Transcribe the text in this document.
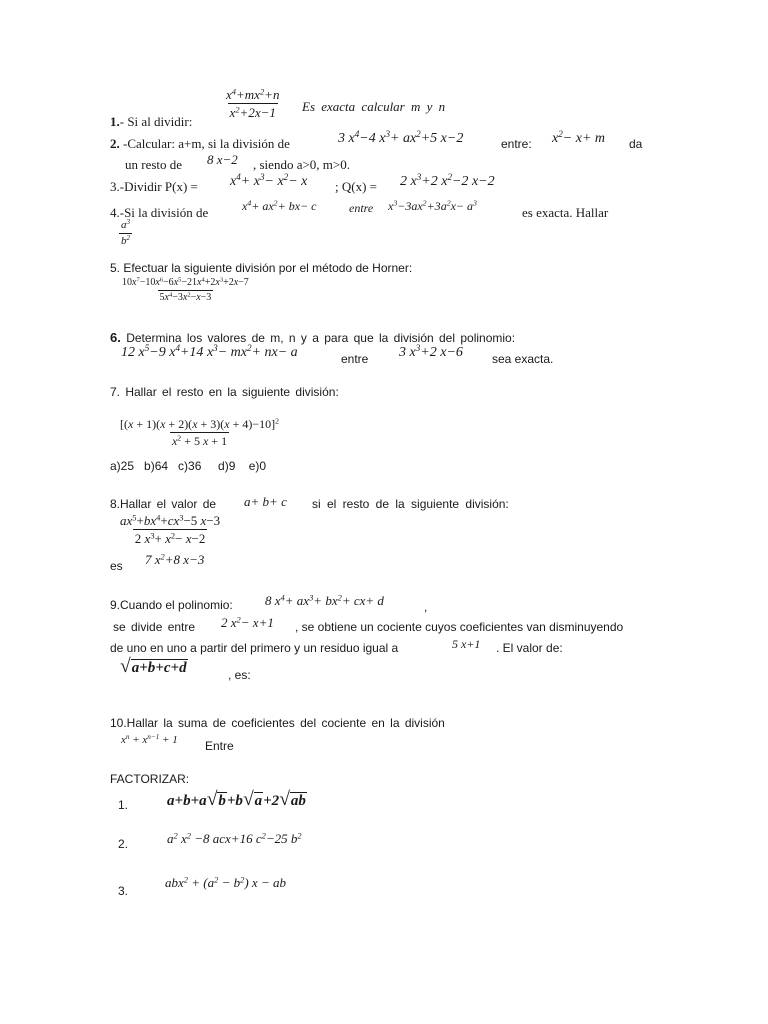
$\frac{x^4+mx^2+n}{x^2+2x-1}$
1.- Si al dividir:
Es exacta calcular m y n
2. -Calcular: a+m, si la división de	3 $x^4-4$ $x^3+ ax^2+5$ x−2	entre: $x^2- x+ m$ da
un resto de 8 x−2 , siendo a>0, m>0.
3.-Dividir $P(x) = x^4+ x^3- x^2- x$ ; Q(x) = 2 $x^3+2$ $x^2-2$ x−2
4.-Si la división de	$x^4+ ax^2+ bx- c$	entre $x^3-3ax^2+3a^2x- a^3$
es exacta. Hallar
$\frac{a^3}{b^2}$
5. Efectuar la siguiente división por el método de Horner:
$\frac{10x^7-10x^6-6x^5-21x^4+2x^3+2x-7}{5x^4-3x^2-x-3}$
6. Determina los valores de m, n y a para que la división del polinomio:
12 $x^5-9$ $x^4+14$ $x^3- mx^2+ nx- a$	entre 3 $x^3+2$ x−6 sea exacta.
7. Hallar el resto en la siguiente división:
$\frac{[(x + 1)(x + 2)(x + 3)(x + 4)-10]^2}{x^2 + 5 x + 1}$
a)25   b)64   c)36     d)9    e)0
8.Hallar el valor de a+ b+ c si el resto de la siguiente división:
$\frac{ax^5+bx^4+cx^3-5 x-3}{2 x^3+ x^2- x-2}$
es 7 $x^2+8$ x−3
9.Cuando el polinomio: 8 $x^4+ ax^3+ bx^2+ cx+ d$	,
se divide entre 2 $x^2- x+1$ , se obtiene un cociente cuyos coeficientes van disminuyendo
de uno en uno a partir del primero y un residuo igual a	5 x+1 . El valor de:
√ a+b+c+d	, es:
10.Hallar la suma de coeficientes del cociente en la división
$x^n + x^{n-1} + 1$ Entre
FACTORIZAR:
1.	a+b+a √ b +b √ a +2 √ ab
2.	$a^2$ $x^2 -8$ acx+16 $c^2-25$ $b^2$
3.
$abx^2 + (a^2 - b^2) x$ − ab
